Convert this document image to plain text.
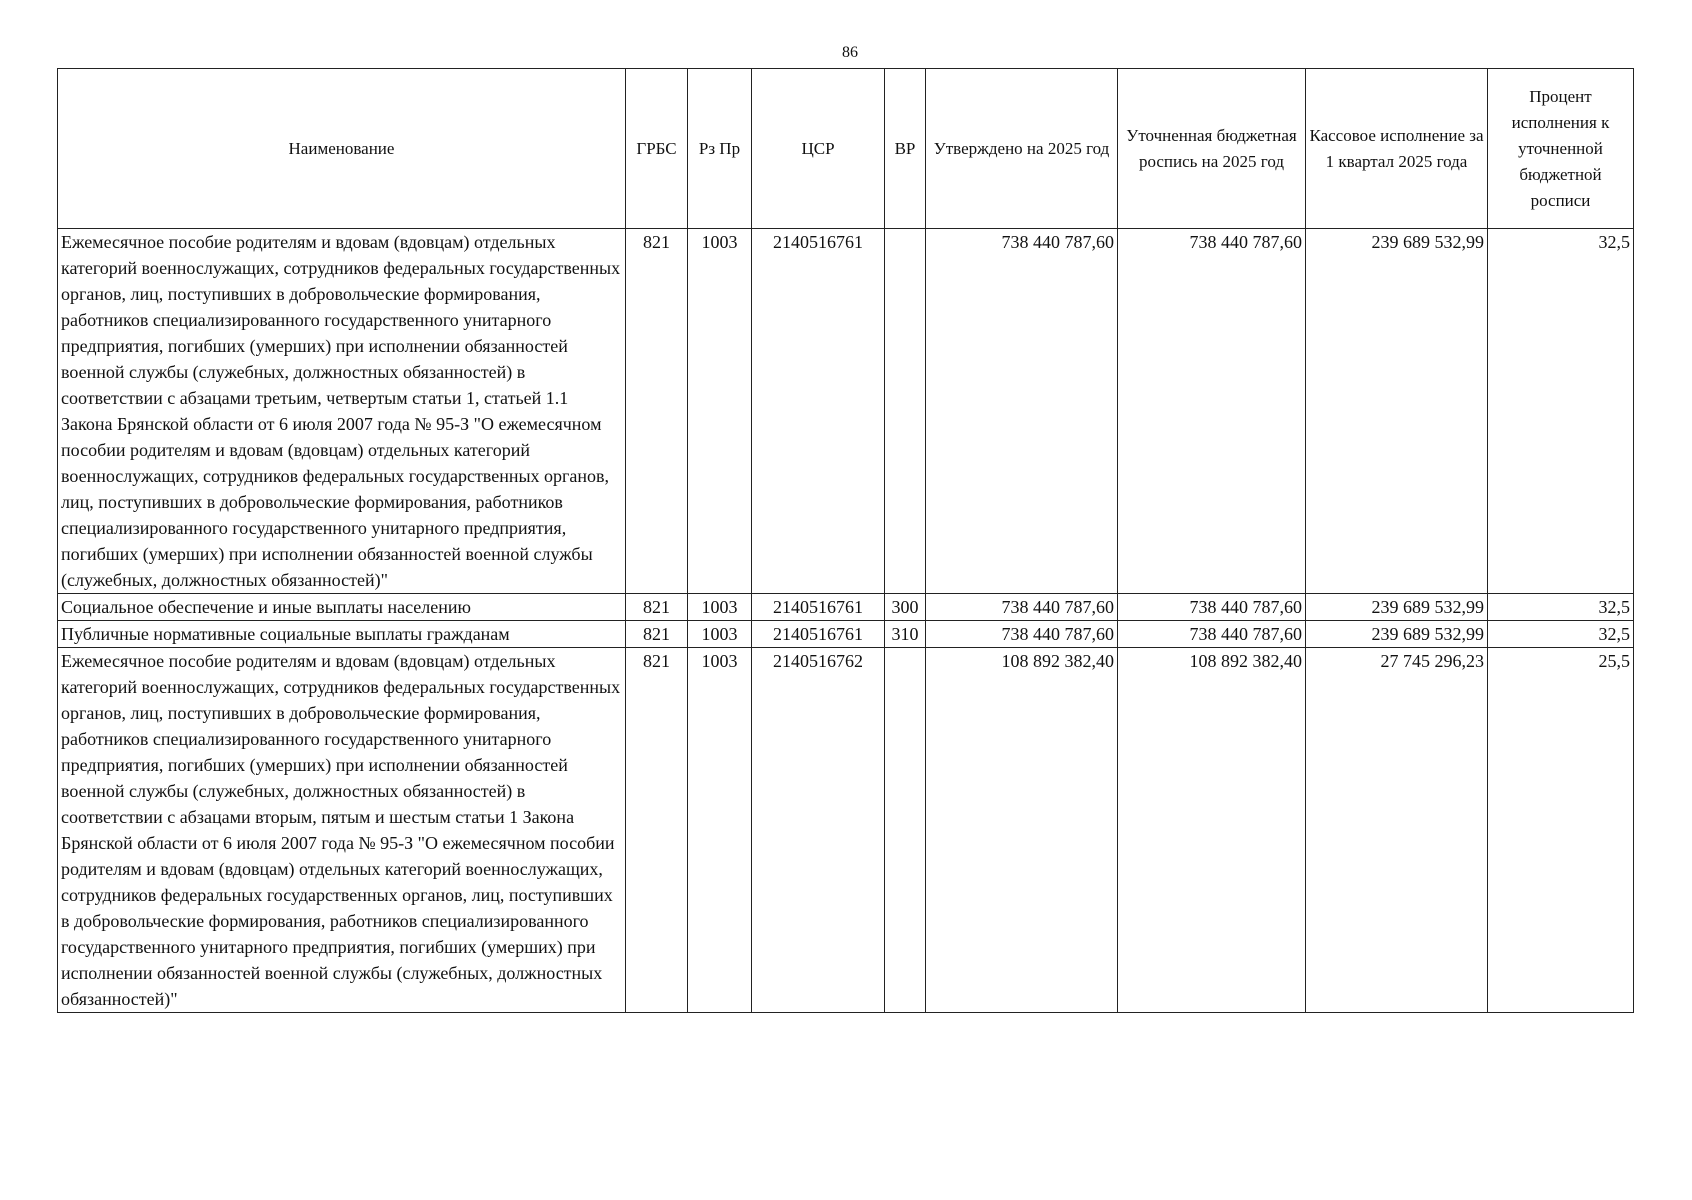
86
Наименование	ГРБС	Рз Пр	ЦСР	ВР	Утверждено на 2025 год	Уточненная бюджетная роспись на 2025 год	Кассовое исполнение за 1 квартал 2025 года	Процент исполнения к уточненной бюджетной росписи
Ежемесячное пособие родителям и вдовам (вдовцам) отдельных категорий военнослужащих, сотрудников федеральных государственных органов, лиц, поступивших в добровольческие формирования, работников специализированного государственного унитарного предприятия, погибших (умерших) при исполнении обязанностей военной службы (служебных, должностных обязанностей) в соответствии с абзацами третьим, четвертым статьи 1, статьей 1.1 Закона Брянской области от 6 июля 2007 года № 95-З "О ежемесячном пособии родителям и вдовам (вдовцам) отдельных категорий военнослужащих, сотрудников федеральных государственных органов, лиц, поступивших в добровольческие формирования, работников специализированного государственного унитарного предприятия, погибших (умерших) при исполнении обязанностей военной службы (служебных, должностных обязанностей)"	821	1003	2140516761		738 440 787,60	738 440 787,60	239 689 532,99	32,5
Социальное обеспечение и иные выплаты населению	821	1003	2140516761	300	738 440 787,60	738 440 787,60	239 689 532,99	32,5
Публичные нормативные социальные выплаты гражданам	821	1003	2140516761	310	738 440 787,60	738 440 787,60	239 689 532,99	32,5
Ежемесячное пособие родителям и вдовам (вдовцам) отдельных категорий военнослужащих, сотрудников федеральных государственных органов, лиц, поступивших в добровольческие формирования, работников специализированного государственного унитарного предприятия, погибших (умерших) при исполнении обязанностей военной службы (служебных, должностных обязанностей) в соответствии с абзацами вторым, пятым и шестым статьи 1 Закона Брянской области от 6 июля 2007 года № 95-З "О ежемесячном пособии родителям и вдовам (вдовцам) отдельных категорий военнослужащих, сотрудников федеральных государственных органов, лиц, поступивших в добровольческие формирования, работников специализированного государственного унитарного предприятия, погибших (умерших) при исполнении обязанностей военной службы (служебных, должностных обязанностей)"	821	1003	2140516762		108 892 382,40	108 892 382,40	27 745 296,23	25,5
